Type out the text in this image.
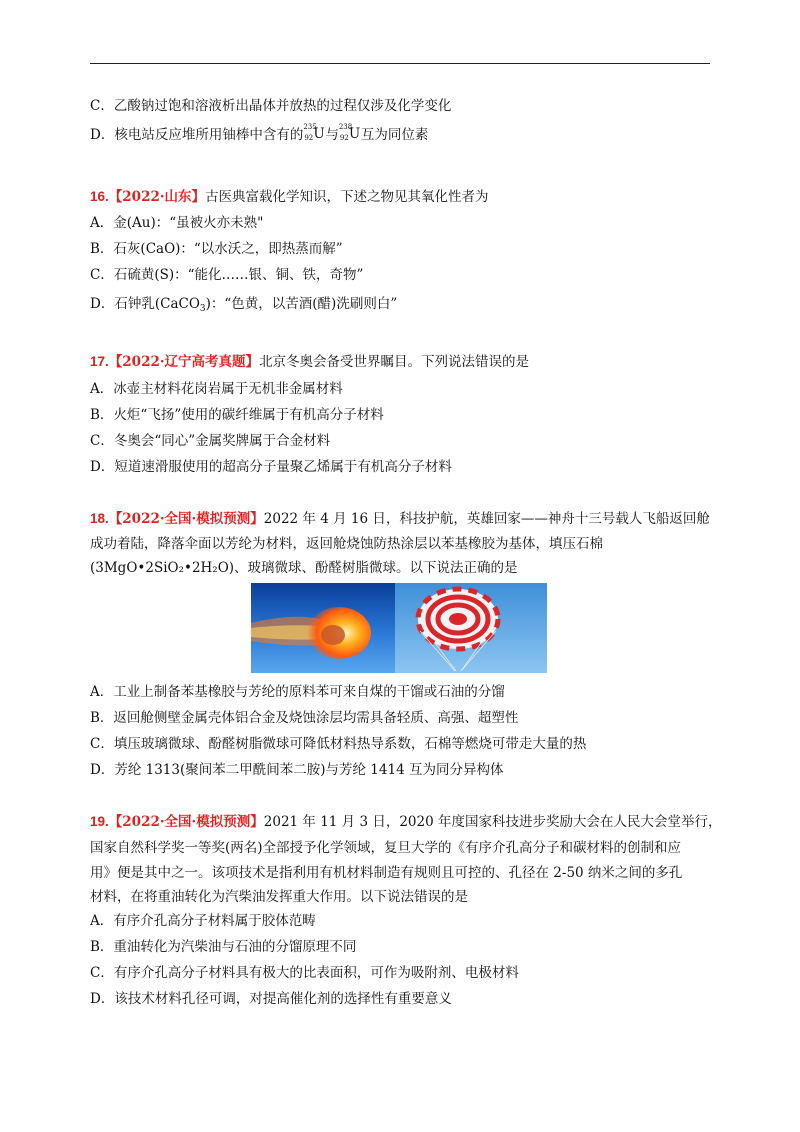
C．乙酸钠过饱和溶液析出晶体并放热的过程仅涉及化学变化
D．核电站反应堆所用铀棒中含有的 235
92 U 与 238
92 U 互为同位素
16.【2022·山东】古医典富载化学知识，下述之物见其氧化性者为
A．金(Au)：“虽被火亦未熟"
B．石灰(CaO)：“以水沃之，即热蒸而解”
C．石硫黄(S)：“能化……银、铜、铁，奇物”
D．石钟乳(CaCO$_3$)：“色黄，以苦酒(醋)洗刷则白”
17.【2022·辽宁高考真题】北京冬奥会备受世界瞩目。下列说法错误的是
A．冰壶主材料花岗岩属于无机非金属材料
B．火炬“飞扬”使用的碳纤维属于有机高分子材料
C．冬奥会“同心”金属奖牌属于合金材料
D．短道速滑服使用的超高分子量聚乙烯属于有机高分子材料
18.【2022·全国·模拟预测】2022 年 4 月 16 日，科技护航，英雄回家——神舟十三号载人飞船返回舱
成功着陆，降落伞面以芳纶为材料，返回舱烧蚀防热涂层以苯基橡胶为基体，填压石棉
(3MgO•2SiO₂•2H₂O)、玻璃微球、酚醛树脂微球。以下说法正确的是
A．工业上制备苯基橡胶与芳纶的原料苯可来自煤的干馏或石油的分馏
B．返回舱侧壁金属壳体铝合金及烧蚀涂层均需具备轻质、高强、超塑性
C．填压玻璃微球、酚醛树脂微球可降低材料热导系数，石棉等燃烧可带走大量的热
D．芳纶 1313(聚间苯二甲酰间苯二胺)与芳纶 1414 互为同分异构体
19.【2022·全国·模拟预测】2021 年 11 月 3 日，2020 年度国家科技进步奖励大会在人民大会堂举行，
国家自然科学奖一等奖(两名)全部授予化学领域，复旦大学的《有序介孔高分子和碳材料的创制和应
用》便是其中之一。该项技术是指利用有机材料制造有规则且可控的、孔径在 2-50 纳米之间的多孔
材料，在将重油转化为汽柴油发挥重大作用。以下说法错误的是
A．有序介孔高分子材料属于胶体范畴
B．重油转化为汽柴油与石油的分馏原理不同
C．有序介孔高分子材料具有极大的比表面积，可作为吸附剂、电极材料
D．该技术材料孔径可调，对提高催化剂的选择性有重要意义
